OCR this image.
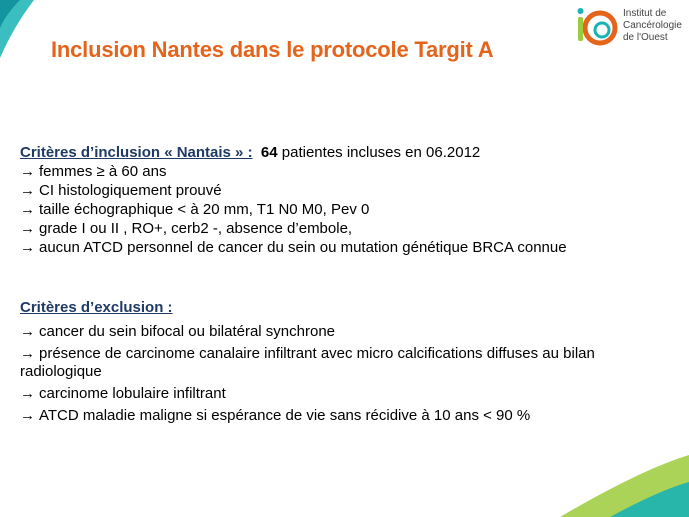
Institut de
Cancérologie
de l'Ouest
Inclusion Nantes dans le protocole Targit A
Critères d’inclusion « Nantais » : 64 patientes incluses en 06.2012
→ femmes ≥ à 60 ans
→ CI histologiquement prouvé
→ taille échographique < à 20 mm, T1 N0 M0, Pev 0
→ grade I ou II , RO+, cerb2 -, absence d’embole,
→ aucun ATCD personnel de cancer du sein ou mutation génétique BRCA connue
Critères d’exclusion :
→ cancer du sein bifocal ou bilatéral synchrone
→ présence de carcinome canalaire infiltrant avec micro calcifications diffuses au bilan radiologique
→ carcinome lobulaire infiltrant
→ ATCD maladie maligne si espérance de vie sans récidive à 10 ans < 90 %
